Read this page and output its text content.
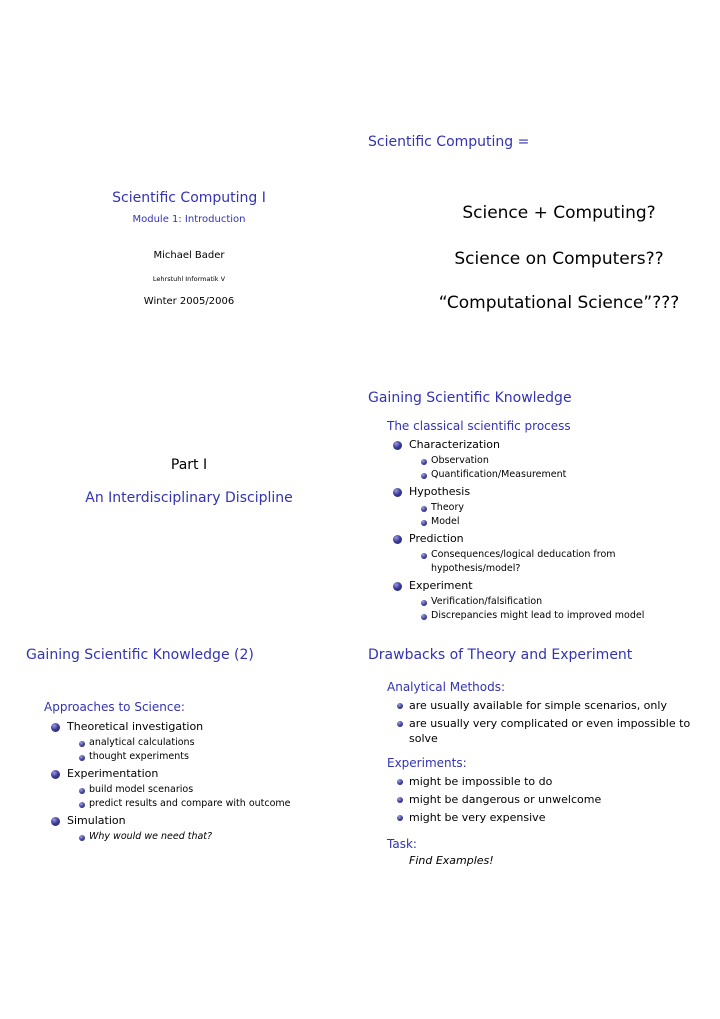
Scientific Computing I
Module 1: Introduction
Michael Bader
Lehrstuhl Informatik V
Winter 2005/2006
Scientific Computing =
Science + Computing?
Science on Computers??
“Computational Science”???
Part I
An Interdisciplinary Discipline
Gaining Scientific Knowledge
The classical scientific process
Characterization
Observation
Quantification/Measurement
Hypothesis
Theory
Model
Prediction
Consequences/logical deducation from
hypothesis/model?
Experiment
Verification/falsification
Discrepancies might lead to improved model
Gaining Scientific Knowledge (2)
Approaches to Science:
Theoretical investigation
analytical calculations
thought experiments
Experimentation
build model scenarios
predict results and compare with outcome
Simulation
Why would we need that?
Drawbacks of Theory and Experiment
Analytical Methods:
are usually available for simple scenarios, only
are usually very complicated or even impossible to
solve
Experiments:
might be impossible to do
might be dangerous or unwelcome
might be very expensive
Task:
Find Examples!
